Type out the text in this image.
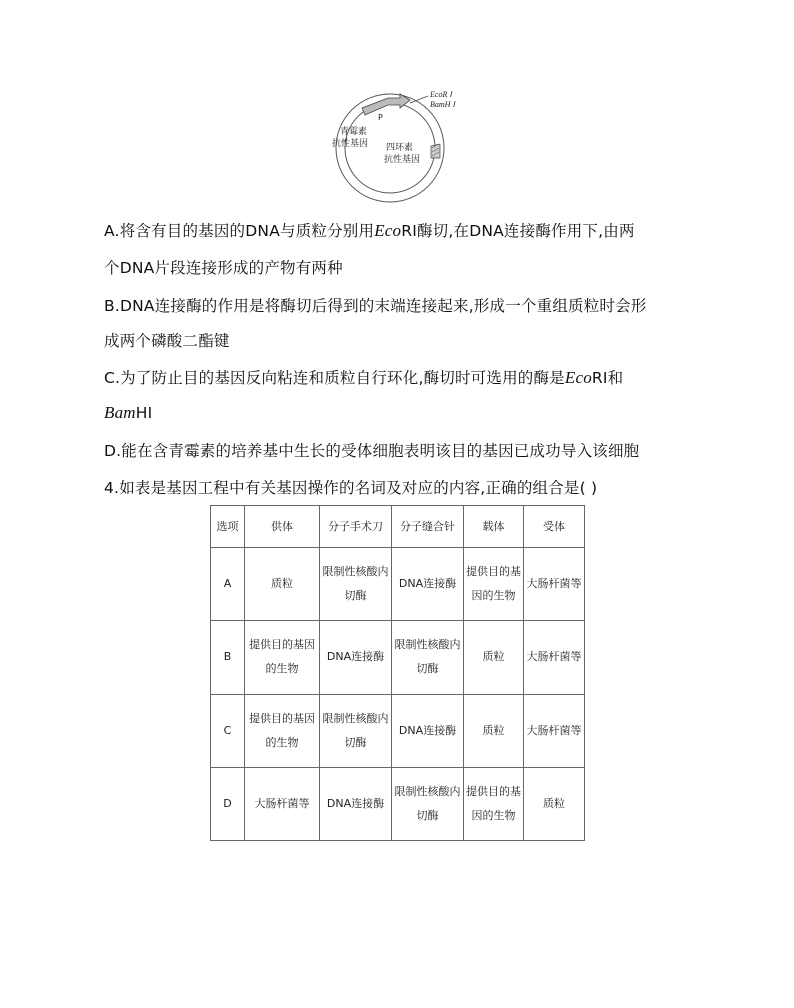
EcoR Ⅰ
BamH Ⅰ
P
青霉素
抗性基因 四环素
抗性基因
A.将含有目的基因的DNA与质粒分别用EcoRⅠ酶切,在DNA连接酶作用下,由两
个DNA片段连接形成的产物有两种
B.DNA连接酶的作用是将酶切后得到的末端连接起来,形成一个重组质粒时会形
成两个磷酸二酯键
C.为了防止目的基因反向粘连和质粒自行环化,酶切时可选用的酶是EcoRⅠ和
BamHⅠ
D.能在含青霉素的培养基中生长的受体细胞表明该目的基因已成功导入该细胞
4.如表是基因工程中有关基因操作的名词及对应的内容,正确的组合是( )
选项	供体	分子手术刀	分子缝合针	载体	受体
A	质粒	限制性核酸内切酶	DNA连接酶	提供目的基因的生物	大肠杆菌等
B	提供目的基因的生物	DNA连接酶	限制性核酸内切酶	质粒	大肠杆菌等
C	提供目的基因的生物	限制性核酸内切酶	DNA连接酶	质粒	大肠杆菌等
D	大肠杆菌等	DNA连接酶	限制性核酸内切酶	提供目的基因的生物	质粒
